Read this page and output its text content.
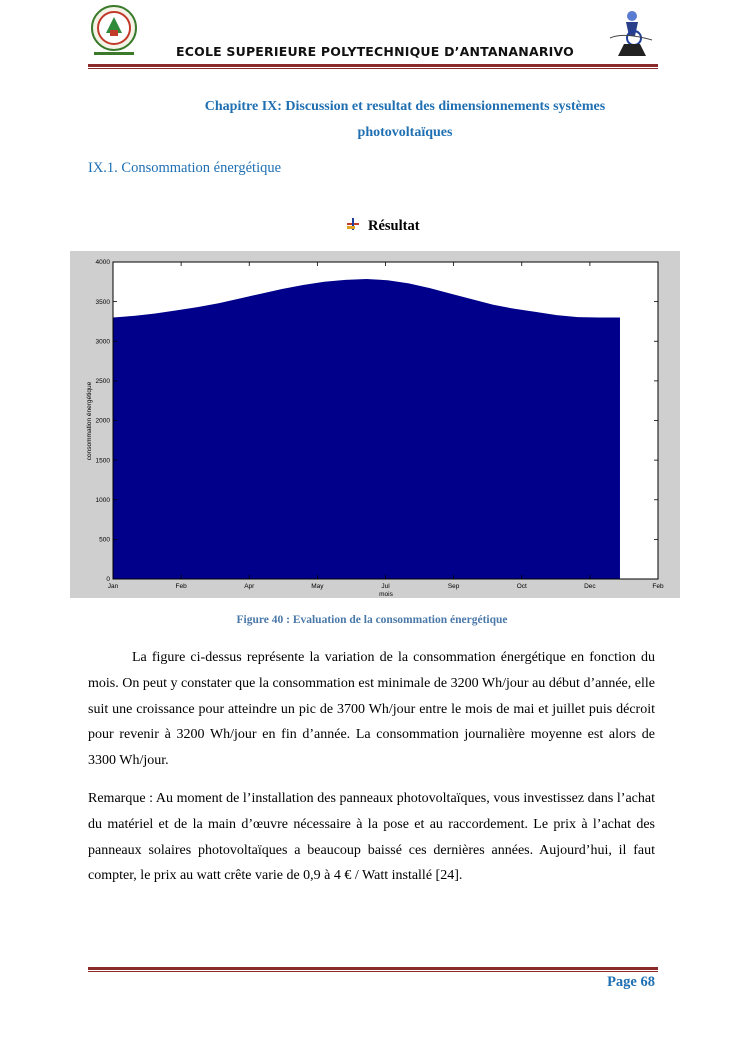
ECOLE SUPERIEURE POLYTECHNIQUE D’ANTANANARIVO
Chapitre IX: Discussion et resultat des dimensionnements systèmes
photovoltaïques
IX.1. Consommation énergétique
Résultat
0
500
1000
1500
2000
2500
3000
3500
4000
Jan	Feb	Apr	May	Jul	Sep	Oct	Dec	Feb
mois
consommation énergétique
Figure 40 : Evaluation de la consommation énergétique

La figure ci-dessus représente la variation de la consommation énergétique en fonction du mois. On peut y constater que la consommation est minimale de 3200 Wh/jour au début d’année, elle suit une croissance pour atteindre un pic de 3700 Wh/jour entre le mois de mai et juillet puis décroit pour revenir à 3200 Wh/jour en fin d’année. La consommation journalière moyenne est alors de 3300 Wh/jour.

Remarque : Au moment de l’installation des panneaux photovoltaïques, vous investissez dans l’achat du matériel et de la main d’œuvre nécessaire à la pose et au raccordement. Le prix à l’achat des panneaux solaires photovoltaïques a beaucoup baissé ces dernières années. Aujourd’hui, il faut compter, le prix au watt crête varie de 0,9 à 4 € / Watt installé [24].

Page 68
